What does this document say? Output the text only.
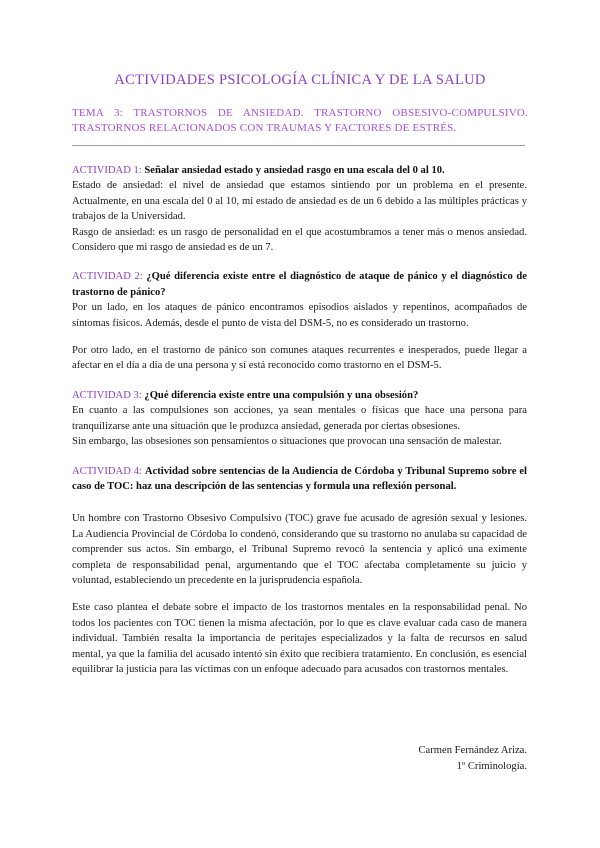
ACTIVIDADES PSICOLOGÍA CLÍNICA Y DE LA SALUD
TEMA 3: TRASTORNOS DE ANSIEDAD. TRASTORNO OBSESIVO-COMPULSIVO. TRASTORNOS RELACIONADOS CON TRAUMAS Y FACTORES DE ESTRÉS.

ACTIVIDAD 1: Señalar ansiedad estado y ansiedad rasgo en una escala del 0 al 10.

Estado de ansiedad: el nivel de ansiedad que estamos sintiendo por un problema en el presente. Actualmente, en una escala del 0 al 10, mi estado de ansiedad es de un 6 debido a las múltiples prácticas y trabajos de la Universidad.

Rasgo de ansiedad: es un rasgo de personalidad en el que acostumbramos a tener más o menos ansiedad. Considero que mi rasgo de ansiedad es de un 7.

ACTIVIDAD 2: ¿Qué diferencia existe entre el diagnóstico de ataque de pánico y el diagnóstico de trastorno de pánico?

Por un lado, en los ataques de pánico encontramos episodios aislados y repentinos, acompañados de síntomas físicos. Además, desde el punto de vista del DSM-5, no es considerado un trastorno.

Por otro lado, en el trastorno de pánico son comunes ataques recurrentes e inesperados, puede llegar a afectar en el día a día de una persona y sí está reconocido como trastorno en el DSM-5.

ACTIVIDAD 3: ¿Qué diferencia existe entre una compulsión y una obsesión?

En cuanto a las compulsiones son acciones, ya sean mentales o físicas que hace una persona para tranquilizarse ante una situación que le produzca ansiedad, generada por ciertas obsesiones.

Sin embargo, las obsesiones son pensamientos o situaciones que provocan una sensación de malestar.

ACTIVIDAD 4: Actividad sobre sentencias de la Audiencia de Córdoba y Tribunal Supremo sobre el caso de TOC: haz una descripción de las sentencias y formula una reflexión personal.

Un hombre con Trastorno Obsesivo Compulsivo (TOC) grave fue acusado de agresión sexual y lesiones. La Audiencia Provincial de Córdoba lo condenó, considerando que su trastorno no anulaba su capacidad de comprender sus actos. Sin embargo, el Tribunal Supremo revocó la sentencia y aplicó una eximente completa de responsabilidad penal, argumentando que el TOC afectaba completamente su juicio y voluntad, estableciendo un precedente en la jurisprudencia española.

Este caso plantea el debate sobre el impacto de los trastornos mentales en la responsabilidad penal. No todos los pacientes con TOC tienen la misma afectación, por lo que es clave evaluar cada caso de manera individual. También resalta la importancia de peritajes especializados y la falta de recursos en salud mental, ya que la familia del acusado intentó sin éxito que recibiera tratamiento. En conclusión, es esencial equilibrar la justicia para las víctimas con un enfoque adecuado para acusados con trastornos mentales.

Carmen Fernández Ariza.
1º Criminología.
